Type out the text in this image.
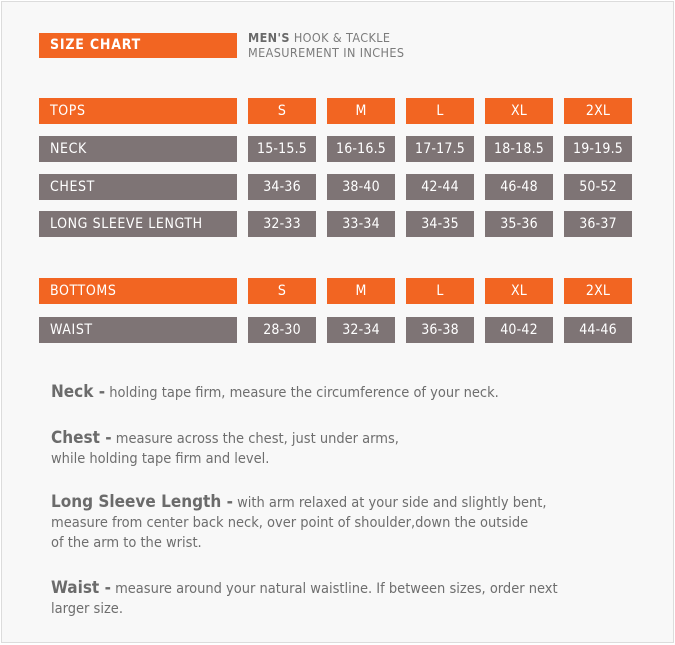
SIZE CHART	MEN'S HOOK & TACKLE
MEASUREMENT IN INCHES
TOPS	S	M	L	XL	2XL
NECK	15-15.5	16-16.5	17-17.5	18-18.5	19-19.5
CHEST	34-36	38-40	42-44	46-48	50-52
LONG SLEEVE LENGTH	32-33	33-34	34-35	35-36	36-37
BOTTOMS	S	M	L	XL	2XL
WAIST	28-30	32-34	36-38	40-42	44-46
Neck - holding tape firm, measure the circumference of your neck.
Chest - measure across the chest, just under arms,
while holding tape firm and level.
Long Sleeve Length - with arm relaxed at your side and slightly bent,
measure from center back neck, over point of shoulder,down the outside
of the arm to the wrist.
Waist - measure around your natural waistline. If between sizes, order next
larger size.
